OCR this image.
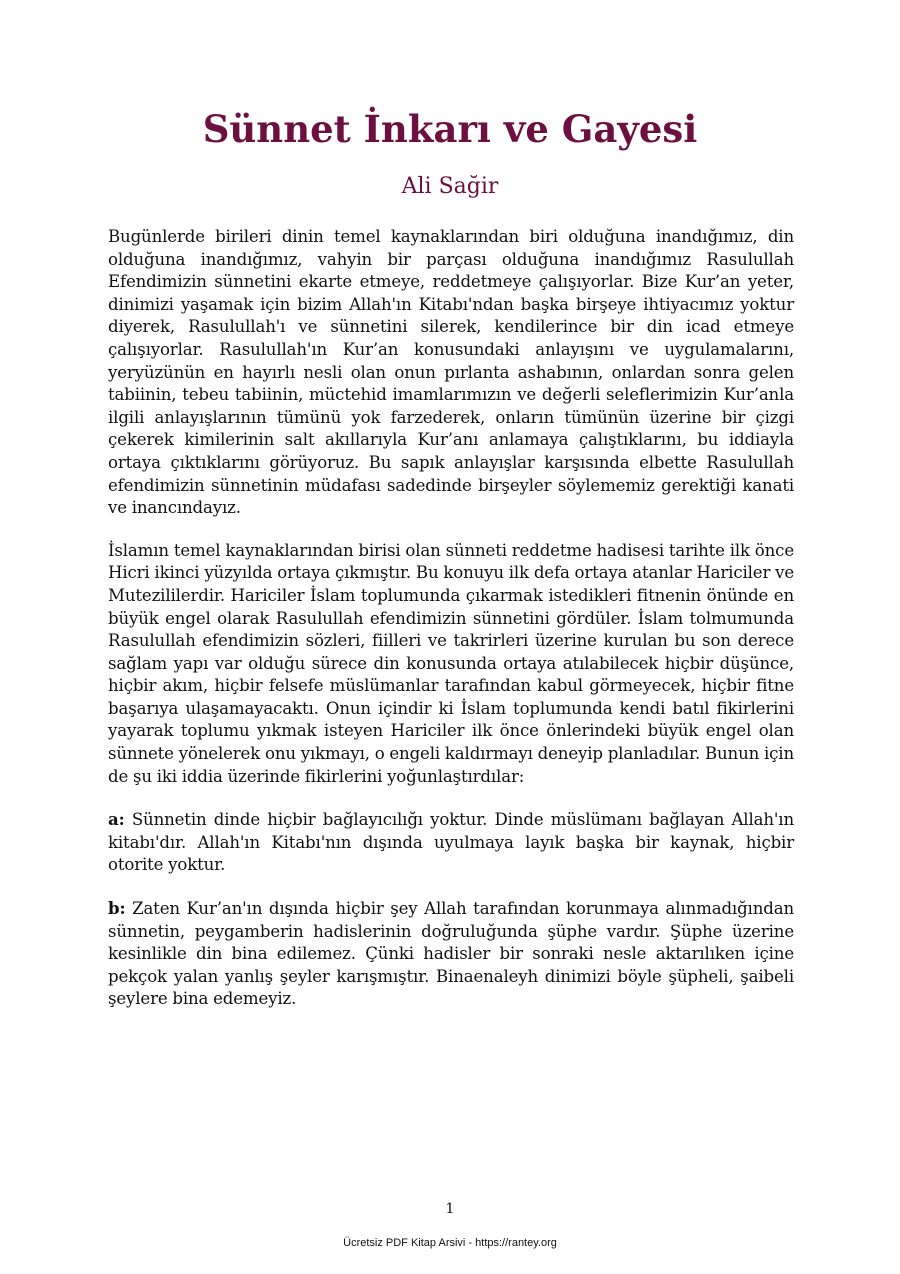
Sünnet İnkarı ve Gayesi
Ali Sağir

Bugünlerde birileri dinin temel kaynaklarından biri olduğuna inandığımız, din olduğuna inandığımız, vahyin bir parçası olduğuna inandığımız Rasulullah Efendimizin sünnetini ekarte etmeye, reddetmeye çalışıyorlar. Bize Kur’an yeter, dinimizi yaşamak için bizim Allah'ın Kitabı'ndan başka birşeye ihtiyacımız yoktur diyerek, Rasulullah'ı ve sünnetini silerek, kendilerince bir din icad etmeye çalışıyorlar. Rasulullah'ın Kur’an konusundaki anlayışını ve uygulamalarını, yeryüzünün en hayırlı nesli olan onun pırlanta ashabının, onlardan sonra gelen tabiinin, tebeu tabiinin, müctehid imamlarımızın ve değerli seleflerimizin Kur’anla ilgili anlayışlarının tümünü yok farzederek, onların tümünün üzerine bir çizgi çekerek kimilerinin salt akıllarıyla Kur’anı anlamaya çalıştıklarını, bu iddiayla ortaya çıktıklarını görüyoruz. Bu sapık anlayışlar karşısında elbette Rasulullah efendimizin sünnetinin müdafası sadedinde birşeyler söylememiz gerektiği kanati ve inancındayız.

İslamın temel kaynaklarından birisi olan sünneti reddetme hadisesi tarihte ilk önce Hicri ikinci yüzyılda ortaya çıkmıştır. Bu konuyu ilk defa ortaya atanlar Hariciler ve Mutezililerdir. Hariciler İslam toplumunda çıkarmak istedikleri fitnenin önünde en büyük engel olarak Rasulullah efendimizin sünnetini gördüler. İslam tolmumunda Rasulullah efendimizin sözleri, fiilleri ve takrirleri üzerine kurulan bu son derece sağlam yapı var olduğu sürece din konusunda ortaya atılabilecek hiçbir düşünce, hiçbir akım, hiçbir felsefe müslümanlar tarafından kabul görmeyecek, hiçbir fitne başarıya ulaşamayacaktı. Onun içindir ki İslam toplumunda kendi batıl fikirlerini yayarak toplumu yıkmak isteyen Hariciler ilk önce önlerindeki büyük engel olan sünnete yönelerek onu yıkmayı, o engeli kaldırmayı deneyip planladılar. Bunun için de şu iki iddia üzerinde fikirlerini yoğunlaştırdılar:

a: Sünnetin dinde hiçbir bağlayıcılığı yoktur. Dinde müslümanı bağlayan Allah'ın kitabı'dır. Allah'ın Kitabı'nın dışında uyulmaya layık başka bir kaynak, hiçbir otorite yoktur.

b: Zaten Kur’an'ın dışında hiçbir şey Allah tarafından korunmaya alınmadığından sünnetin, peygamberin hadislerinin doğruluğunda şüphe vardır. Şüphe üzerine kesinlikle din bina edilemez. Çünki hadisler bir sonraki nesle aktarılıken içine pekçok yalan yanlış şeyler karışmıştır. Binaenaleyh dinimizi böyle şüpheli, şaibeli şeylere bina edemeyiz.

1
Ücretsiz PDF Kitap Arsivi - https://rantey.org
